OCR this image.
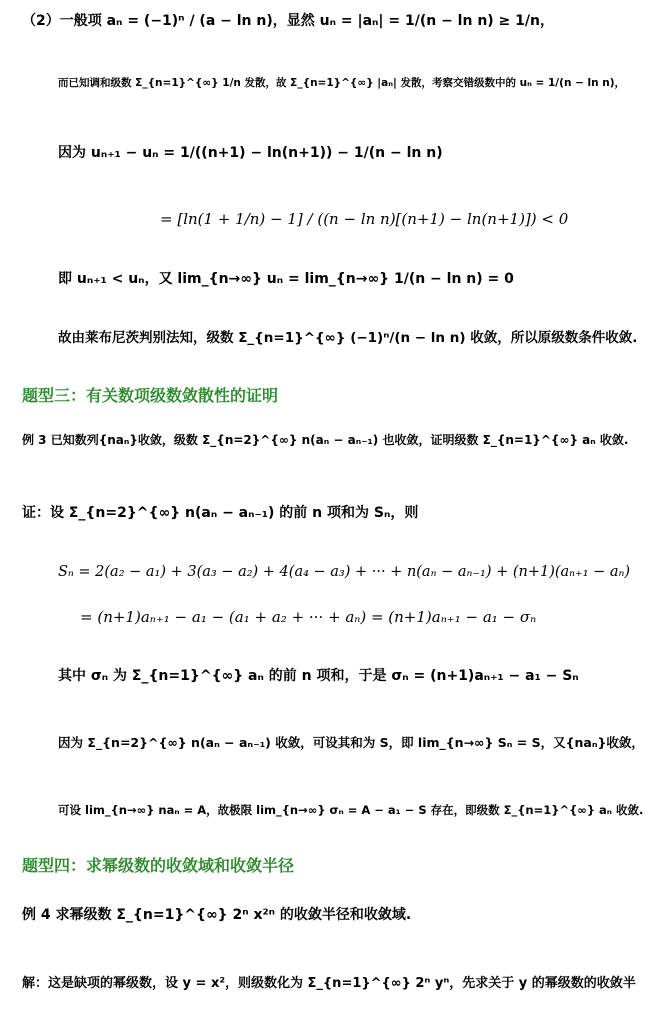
（2）一般项 aₙ = (−1)ⁿ / (a − ln n)，显然 uₙ = |aₙ| = 1/(n − ln n) ≥ 1/n，
而已知调和级数 Σ_{n=1}^{∞} 1/n 发散，故 Σ_{n=1}^{∞} |aₙ| 发散，考察交错级数中的 uₙ = 1/(n − ln n)，
因为 uₙ₊₁ − uₙ = 1/((n+1) − ln(n+1)) − 1/(n − ln n)
= [ln(1 + 1/n) − 1] / ((n − ln n)[(n+1) − ln(n+1)]) < 0
即 uₙ₊₁ < uₙ，又 lim_{n→∞} uₙ = lim_{n→∞} 1/(n − ln n) = 0
故由莱布尼茨判别法知，级数 Σ_{n=1}^{∞} (−1)ⁿ/(n − ln n) 收敛，所以原级数条件收敛.
题型三：有关数项级数敛散性的证明
例 3 已知数列{naₙ}收敛，级数 Σ_{n=2}^{∞} n(aₙ − aₙ₋₁) 也收敛，证明级数 Σ_{n=1}^{∞} aₙ 收敛.
证：设 Σ_{n=2}^{∞} n(aₙ − aₙ₋₁) 的前 n 项和为 Sₙ，则
Sₙ = 2(a₂ − a₁) + 3(a₃ − a₂) + 4(a₄ − a₃) + ··· + n(aₙ − aₙ₋₁) + (n+1)(aₙ₊₁ − aₙ)
= (n+1)aₙ₊₁ − a₁ − (a₁ + a₂ + ··· + aₙ) = (n+1)aₙ₊₁ − a₁ − σₙ
其中 σₙ 为 Σ_{n=1}^{∞} aₙ 的前 n 项和，于是 σₙ = (n+1)aₙ₊₁ − a₁ − Sₙ
因为 Σ_{n=2}^{∞} n(aₙ − aₙ₋₁) 收敛，可设其和为 S，即 lim_{n→∞} Sₙ = S，又{naₙ}收敛，
可设 lim_{n→∞} naₙ = A，故极限 lim_{n→∞} σₙ = A − a₁ − S 存在，即级数 Σ_{n=1}^{∞} aₙ 收敛.
题型四：求幂级数的收敛域和收敛半径
例 4 求幂级数 Σ_{n=1}^{∞} 2ⁿ x²ⁿ 的收敛半径和收敛域.
解：这是缺项的幂级数，设 y = x²，则级数化为 Σ_{n=1}^{∞} 2ⁿ yⁿ，先求关于 y 的幂级数的收敛半
